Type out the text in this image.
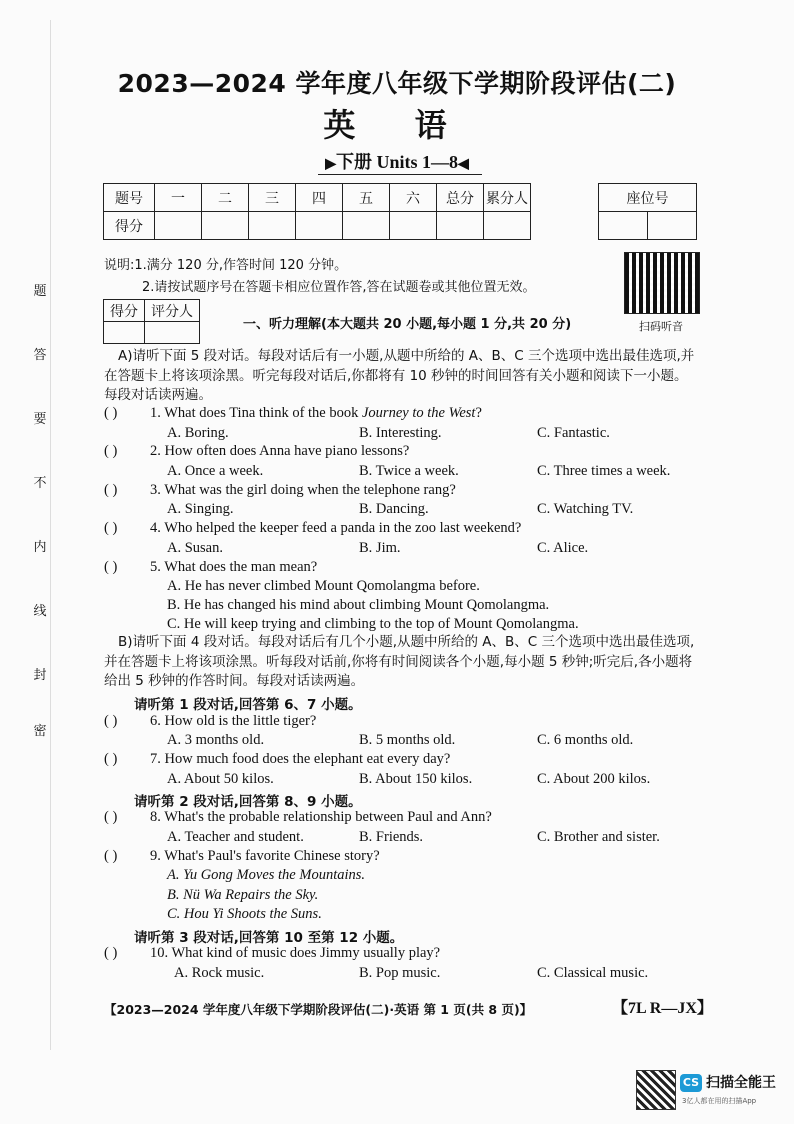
题
答
要
不
内
线
封
密
2023—2024 学年度八年级下学期阶段评估(二)
英 语
▶下册 Units 1—8◀
题号	一	二	三	四	五	六	总分	累分人
得分								
座位号

说明:1.满分 120 分,作答时间 120 分钟。
2.请按试题序号在答题卡相应位置作答,答在试题卷或其他位置无效。
扫码听音
得分	评分人

一、听力理解(本大题共 20 小题,每小题 1 分,共 20 分)
A)请听下面 5 段对话。每段对话后有一小题,从题中所给的 A、B、C 三个选项中选出最佳选项,并在答题卡上将该项涂黑。听完每段对话后,你都将有 10 秒钟的时间回答有关小题和阅读下一小题。每段对话读两遍。
( ) 1. What does Tina think of the book Journey to the West?
A. Boring.	B. Interesting.	C. Fantastic.
( ) 2. How often does Anna have piano lessons?
A. Once a week.	B. Twice a week.	C. Three times a week.
( ) 3. What was the girl doing when the telephone rang?
A. Singing.	B. Dancing.	C. Watching TV.
( ) 4. Who helped the keeper feed a panda in the zoo last weekend?
A. Susan.	B. Jim.	C. Alice.
( ) 5. What does the man mean?
A. He has never climbed Mount Qomolangma before.
B. He has changed his mind about climbing Mount Qomolangma.
C. He will keep trying and climbing to the top of Mount Qomolangma.
B)请听下面 4 段对话。每段对话后有几个小题,从题中所给的 A、B、C 三个选项中选出最佳选项,并在答题卡上将该项涂黑。听每段对话前,你将有时间阅读各个小题,每小题 5 秒钟;听完后,各小题将给出 5 秒钟的作答时间。每段对话读两遍。
请听第 1 段对话,回答第 6、7 小题。
( ) 6. How old is the little tiger?
A. 3 months old.	B. 5 months old.	C. 6 months old.
( ) 7. How much food does the elephant eat every day?
A. About 50 kilos.	B. About 150 kilos.	C. About 200 kilos.
请听第 2 段对话,回答第 8、9 小题。
( ) 8. What's the probable relationship between Paul and Ann?
A. Teacher and student.	B. Friends.	C. Brother and sister.
( ) 9. What's Paul's favorite Chinese story?
A. Yu Gong Moves the Mountains.
B. Nü Wa Repairs the Sky.
C. Hou Yi Shoots the Suns.
请听第 3 段对话,回答第 10 至第 12 小题。
( ) 10. What kind of music does Jimmy usually play?
A. Rock music.	B. Pop music.	C. Classical music.
【2023—2024 学年度八年级下学期阶段评估(二)·英语 第 1 页(共 8 页)】	【7L R—JX】
CS 扫描全能王
3亿人都在用的扫描App
